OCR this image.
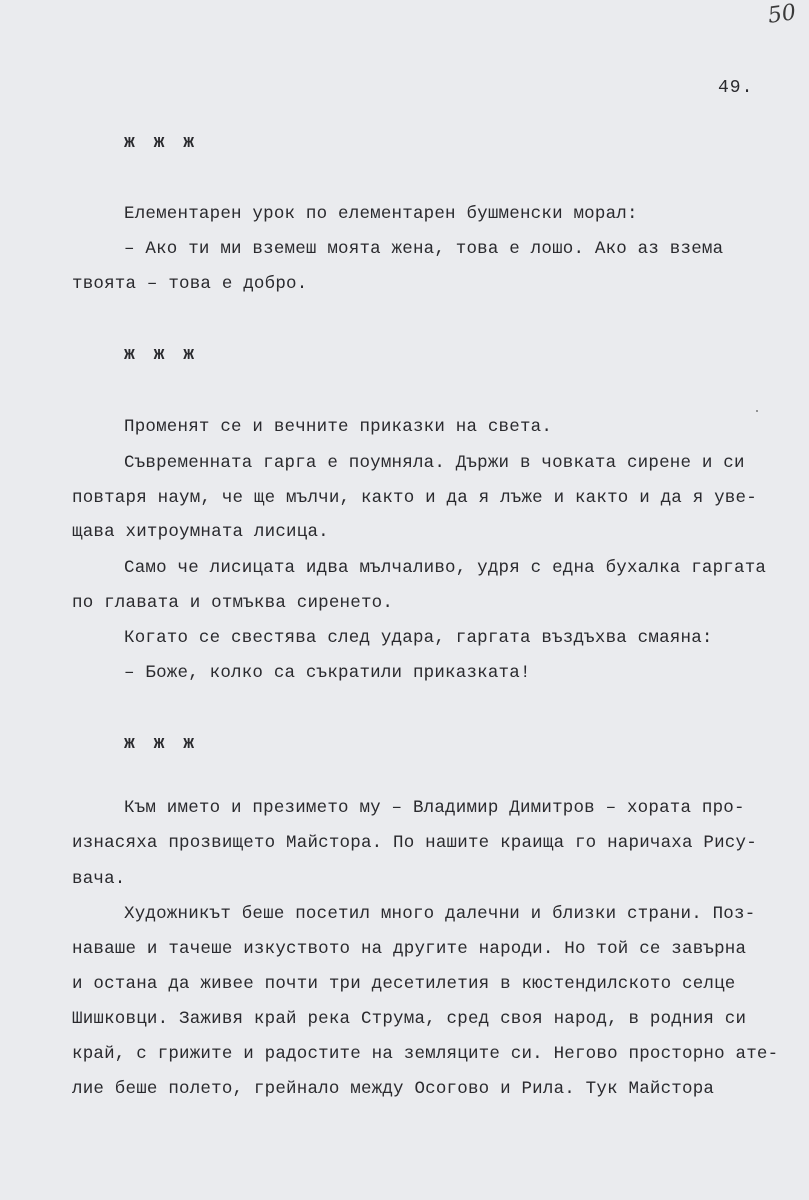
50
49.
ж ж ж
Елементарен урок по елементарен бушменски морал:
– Ако ти ми вземеш моята жена, това е лошо. Ако аз взема
твоята – това е добро.
ж ж ж
Променят се и вечните приказки на света.
Съвременната гарга е поумняла. Държи в човката сирене и си
повтаря наум, че ще мълчи, както и да я лъже и както и да я уве-
щава хитроумната лисица.
Само че лисицата идва мълчаливо, удря с една бухалка гаргата
по главата и отмъква сиренето.
Когато се свестява след удара, гаргата въздъхва смаяна:
– Боже, колко са съкратили приказката!
ж ж ж
Към името и презимето му – Владимир Димитров – хората про-
изнасяха прозвището Майстора. По нашите краища го наричаха Рису-
вача.
Художникът беше посетил много далечни и близки страни. Поз-
наваше и тачеше изкуството на другите народи. Но той се завърна
и остана да живее почти три десетилетия в кюстендилското селце
Шишковци. Заживя край река Струма, сред своя народ, в родния си
край, с грижите и радостите на земляците си. Негово просторно ате-
лие беше полето, грейнало между Осогово и Рила. Тук Майстора
